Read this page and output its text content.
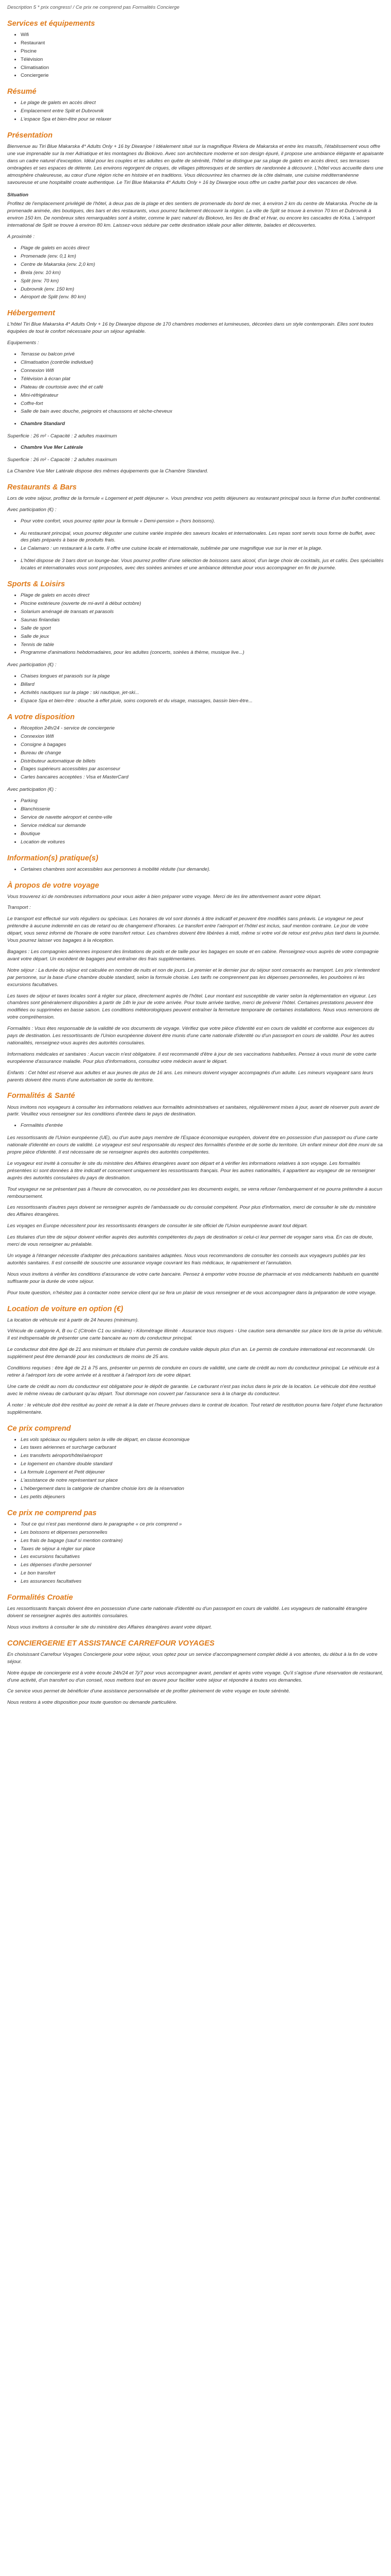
Description 5 * prix congress! / Ce prix ne comprend pas Formalités Concierge

Services et équipements
• Wifi
• Restaurant
• Piscine
• Télévision
• Climatisation
• Conciergerie
Résumé
• Le plage de galets en accès direct
• Emplacement entre Split et Dubrovnik
• L'espace Spa et bien-être pour se relaxer
Présentation

Bienvenue au Tiri Blue Makarska 4* Adults Only + 16 by Diwanjoe ! Idéalement situé sur la magnifique Riviera de Makarska et entre les massifs, l'établissement vous offre une vue imprenable sur la mer Adriatique et les montagnes du Biokovo. Avec son architecture moderne et son design épuré, il propose une ambiance élégante et apaisante dans un cadre naturel d'exception. Idéal pour les couples et les adultes en quête de sérénité, l'hôtel se distingue par sa plage de galets en accès direct, ses terrasses ombragées et ses espaces de détente. Les environs regorgent de criques, de villages pittoresques et de sentiers de randonnée à découvrir. L'hôtel vous accueille dans une atmosphère chaleureuse, au cœur d'une région riche en histoire et en traditions. Vous découvrirez les charmes de la côte dalmate, une cuisine méditerranéenne savoureuse et une hospitalité croate authentique. Le Tiri Blue Makarska 4* Adults Only + 16 by Diwanjoe vous offre un cadre parfait pour des vacances de rêve.

Situation

Profitez de l'emplacement privilégié de l'hôtel, à deux pas de la plage et des sentiers de promenade du bord de mer, à environ 2 km du centre de Makarska. Proche de la promenade animée, des boutiques, des bars et des restaurants, vous pourrez facilement découvrir la région. La ville de Split se trouve à environ 70 km et Dubrovnik à environ 150 km. De nombreux sites remarquables sont à visiter, comme le parc naturel du Biokovo, les îles de Brač et Hvar, ou encore les cascades de Krka. L'aéroport international de Split se trouve à environ 80 km. Laissez-vous séduire par cette destination idéale pour allier détente, balades et découvertes.

A proximité :

• Plage de galets en accès direct
• Promenade (env. 0,1 km)
• Centre de Makarska (env. 2,0 km)
• Brela (env. 10 km)
• Split (env. 70 km)
• Dubrovnik (env. 150 km)
• Aéroport de Split (env. 80 km)
Hébergement

L'hôtel Tiri Blue Makarska 4* Adults Only + 16 by Diwanjoe dispose de 170 chambres modernes et lumineuses, décorées dans un style contemporain. Elles sont toutes équipées de tout le confort nécessaire pour un séjour agréable.

Equipements :

• Terrasse ou balcon privé
• Climatisation (contrôle individuel)
• Connexion Wifi
• Télévision à écran plat
• Plateau de courtoisie avec thé et café
• Mini-réfrigérateur
• Coffre-fort
• Salle de bain avec douche, peignoirs et chaussons et sèche-cheveux
• Chambre Standard

Superficie : 26 m² - Capacité : 2 adultes maximum

• Chambre Vue Mer Latérale

Superficie : 26 m² - Capacité : 2 adultes maximum

La Chambre Vue Mer Latérale dispose des mêmes équipements que la Chambre Standard.

Restaurants & Bars

Lors de votre séjour, profitez de la formule « Logement et petit déjeuner ». Vous prendrez vos petits déjeuners au restaurant principal sous la forme d'un buffet continental.

Avec participation (€) :

• Pour votre confort, vous pourrez opter pour la formule « Demi-pension » (hors boissons).
• Au restaurant principal, vous pourrez déguster une cuisine variée inspirée des saveurs locales et internationales. Les repas sont servis sous forme de buffet, avec des plats préparés à base de produits frais.
• Le Calamaro : un restaurant à la carte. Il offre une cuisine locale et internationale, sublimée par une magnifique vue sur la mer et la plage.
• L'hôtel dispose de 3 bars dont un lounge-bar. Vous pourrez profiter d'une sélection de boissons sans alcool, d'un large choix de cocktails, jus et cafés. Des spécialités locales et internationales vous sont proposées, avec des soirées animées et une ambiance détendue pour vous accompagner en fin de journée.
Sports & Loisirs
• Plage de galets en accès direct
• Piscine extérieure (ouverte de mi-avril à début octobre)
• Solarium aménagé de transats et parasols
• Saunas finlandais
• Salle de sport
• Salle de jeux
• Tennis de table
• Programme d'animations hebdomadaires, pour les adultes (concerts, soirées à thème, musique live...)

Avec participation (€) :

• Chaises longues et parasols sur la plage
• Billard
• Activités nautiques sur la plage : ski nautique, jet-ski...
• Espace Spa et bien-être : douche à effet pluie, soins corporels et du visage, massages, bassin bien-être...
A votre disposition
• Réception 24h/24 - service de conciergerie
• Connexion Wifi
• Consigne à bagages
• Bureau de change
• Distributeur automatique de billets
• Étages supérieurs accessibles par ascenseur
• Cartes bancaires acceptées : Visa et MasterCard

Avec participation (€) :

• Parking
• Blanchisserie
• Service de navette aéroport et centre-ville
• Service médical sur demande
• Boutique
• Location de voitures
Information(s) pratique(s)
• Certaines chambres sont accessibles aux personnes à mobilité réduite (sur demande).
À propos de votre voyage

Vous trouverez ici de nombreuses informations pour vous aider à bien préparer votre voyage. Merci de les lire attentivement avant votre départ.

Transport :

Le transport est effectué sur vols réguliers ou spéciaux. Les horaires de vol sont donnés à titre indicatif et peuvent être modifiés sans préavis. Le voyageur ne peut prétendre à aucune indemnité en cas de retard ou de changement d'horaires. Le transfert entre l'aéroport et l'hôtel est inclus, sauf mention contraire. Le jour de votre départ, vous serez informé de l'horaire de votre transfert retour. Les chambres doivent être libérées à midi, même si votre vol de retour est prévu plus tard dans la journée. Vous pourrez laisser vos bagages à la réception.

Bagages : Les compagnies aériennes imposent des limitations de poids et de taille pour les bagages en soute et en cabine. Renseignez-vous auprès de votre compagnie avant votre départ. Un excédent de bagages peut entraîner des frais supplémentaires.

Notre séjour : La durée du séjour est calculée en nombre de nuits et non de jours. Le premier et le dernier jour du séjour sont consacrés au transport. Les prix s'entendent par personne, sur la base d'une chambre double standard, selon la formule choisie. Les tarifs ne comprennent pas les dépenses personnelles, les pourboires ni les excursions facultatives.

Les taxes de séjour et taxes locales sont à régler sur place, directement auprès de l'hôtel. Leur montant est susceptible de varier selon la réglementation en vigueur. Les chambres sont généralement disponibles à partir de 14h le jour de votre arrivée. Pour toute arrivée tardive, merci de prévenir l'hôtel. Certaines prestations peuvent être modifiées ou supprimées en basse saison. Les conditions météorologiques peuvent entraîner la fermeture temporaire de certaines installations. Nous vous remercions de votre compréhension.

Formalités : Vous êtes responsable de la validité de vos documents de voyage. Vérifiez que votre pièce d'identité est en cours de validité et conforme aux exigences du pays de destination. Les ressortissants de l'Union européenne doivent être munis d'une carte nationale d'identité ou d'un passeport en cours de validité. Pour les autres nationalités, renseignez-vous auprès des autorités consulaires.

Informations médicales et sanitaires : Aucun vaccin n'est obligatoire. Il est recommandé d'être à jour de ses vaccinations habituelles. Pensez à vous munir de votre carte européenne d'assurance maladie. Pour plus d'informations, consultez votre médecin avant le départ.

Enfants : Cet hôtel est réservé aux adultes et aux jeunes de plus de 16 ans. Les mineurs doivent voyager accompagnés d'un adulte. Les mineurs voyageant sans leurs parents doivent être munis d'une autorisation de sortie du territoire.

Formalités & Santé

Nous invitons nos voyageurs à consulter les informations relatives aux formalités administratives et sanitaires, régulièrement mises à jour, avant de réserver puis avant de partir. Veuillez vous renseigner sur les conditions d'entrée dans le pays de destination.

• Formalités d'entrée

Les ressortissants de l'Union européenne (UE), ou d'un autre pays membre de l'Espace économique européen, doivent être en possession d'un passeport ou d'une carte nationale d'identité en cours de validité. Le voyageur est seul responsable du respect des formalités d'entrée et de sortie du territoire. Un enfant mineur doit être muni de sa propre pièce d'identité. Il est nécessaire de se renseigner auprès des autorités compétentes.

Le voyageur est invité à consulter le site du ministère des Affaires étrangères avant son départ et à vérifier les informations relatives à son voyage. Les formalités présentées ici sont données à titre indicatif et concernent uniquement les ressortissants français. Pour les autres nationalités, il appartient au voyageur de se renseigner auprès des autorités consulaires du pays de destination.

Tout voyageur ne se présentant pas à l'heure de convocation, ou ne possédant pas les documents exigés, se verra refuser l'embarquement et ne pourra prétendre à aucun remboursement.

Les ressortissants d'autres pays doivent se renseigner auprès de l'ambassade ou du consulat compétent. Pour plus d'information, merci de consulter le site du ministère des Affaires étrangères.

Les voyages en Europe nécessitent pour les ressortissants étrangers de consulter le site officiel de l'Union européenne avant tout départ.

Les titulaires d'un titre de séjour doivent vérifier auprès des autorités compétentes du pays de destination si celui-ci leur permet de voyager sans visa. En cas de doute, merci de vous renseigner au préalable.

Un voyage à l'étranger nécessite d'adopter des précautions sanitaires adaptées. Nous vous recommandons de consulter les conseils aux voyageurs publiés par les autorités sanitaires. Il est conseillé de souscrire une assurance voyage couvrant les frais médicaux, le rapatriement et l'annulation.

Nous vous invitons à vérifier les conditions d'assurance de votre carte bancaire. Pensez à emporter votre trousse de pharmacie et vos médicaments habituels en quantité suffisante pour la durée de votre séjour.

Pour toute question, n'hésitez pas à contacter notre service client qui se fera un plaisir de vous renseigner et de vous accompagner dans la préparation de votre voyage.

Location de voiture en option (€)

La location de véhicule est à partir de 24 heures (minimum).

Véhicule de catégorie A, B ou C (Citroën C1 ou similaire) - Kilométrage illimité - Assurance tous risques - Une caution sera demandée sur place lors de la prise du véhicule. Il est indispensable de présenter une carte bancaire au nom du conducteur principal.

Le conducteur doit être âgé de 21 ans minimum et titulaire d'un permis de conduire valide depuis plus d'un an. Le permis de conduire international est recommandé. Un supplément peut être demandé pour les conducteurs de moins de 25 ans.

Conditions requises : être âgé de 21 à 75 ans, présenter un permis de conduire en cours de validité, une carte de crédit au nom du conducteur principal. Le véhicule est à retirer à l'aéroport lors de votre arrivée et à restituer à l'aéroport lors de votre départ.

Une carte de crédit au nom du conducteur est obligatoire pour le dépôt de garantie. Le carburant n'est pas inclus dans le prix de la location. Le véhicule doit être restitué avec le même niveau de carburant qu'au départ. Tout dommage non couvert par l'assurance sera à la charge du conducteur.

À noter : le véhicule doit être restitué au point de retrait à la date et l'heure prévues dans le contrat de location. Tout retard de restitution pourra faire l'objet d'une facturation supplémentaire.

Ce prix comprend
• Les vols spéciaux ou réguliers selon la ville de départ, en classe économique
• Les taxes aériennes et surcharge carburant
• Les transferts aéroport/hôtel/aéroport
• Le logement en chambre double standard
• La formule Logement et Petit déjeuner
• L'assistance de notre représentant sur place
• L'hébergement dans la catégorie de chambre choisie lors de la réservation
• Les petits déjeuners
Ce prix ne comprend pas
• Tout ce qui n'est pas mentionné dans le paragraphe « ce prix comprend »
• Les boissons et dépenses personnelles
• Les frais de bagage (sauf si mention contraire)
• Taxes de séjour à régler sur place
• Les excursions facultatives
• Les dépenses d'ordre personnel
• Le bon transfert
• Les assurances facultatives
Formalités Croatie

Les ressortissants français doivent être en possession d'une carte nationale d'identité ou d'un passeport en cours de validité. Les voyageurs de nationalité étrangère doivent se renseigner auprès des autorités consulaires.

Nous vous invitons à consulter le site du ministère des Affaires étrangères avant votre départ.

CONCIERGERIE ET ASSISTANCE CARREFOUR VOYAGES

En choisissant Carrefour Voyages Conciergerie pour votre séjour, vous optez pour un service d'accompagnement complet dédié à vos attentes, du début à la fin de votre séjour.

Notre équipe de conciergerie est à votre écoute 24h/24 et 7j/7 pour vous accompagner avant, pendant et après votre voyage. Qu'il s'agisse d'une réservation de restaurant, d'une activité, d'un transfert ou d'un conseil, nous mettons tout en œuvre pour faciliter votre séjour et répondre à toutes vos demandes.

Ce service vous permet de bénéficier d'une assistance personnalisée et de profiter pleinement de votre voyage en toute sérénité.

Nous restons à votre disposition pour toute question ou demande particulière.
